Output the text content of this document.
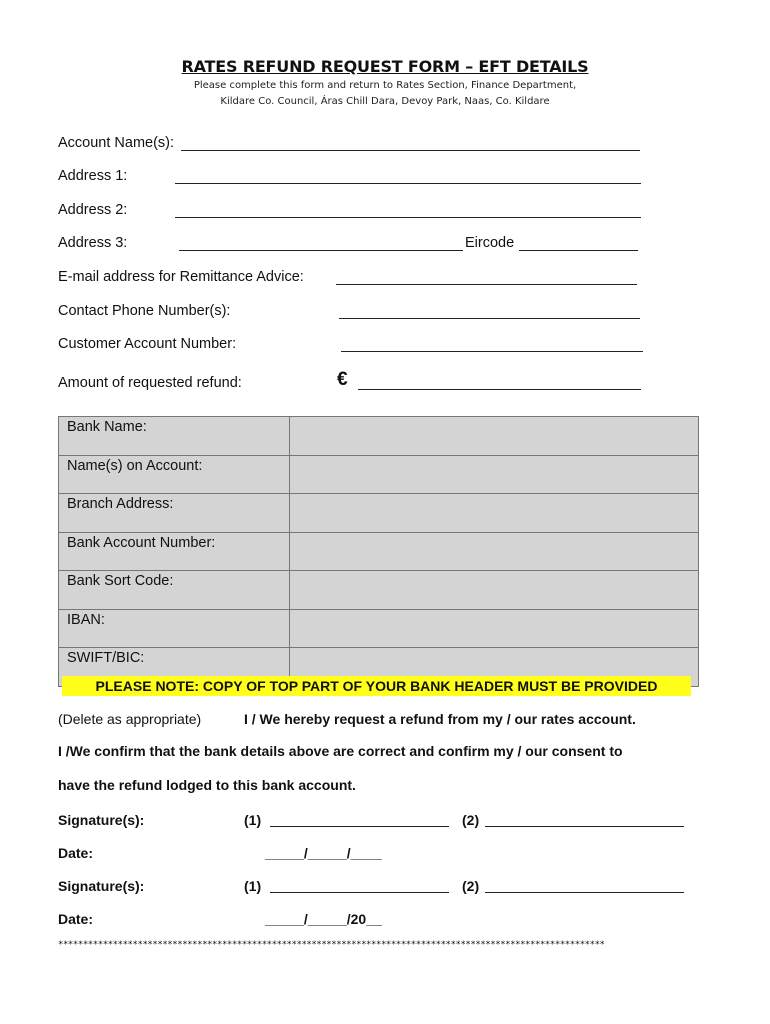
RATES REFUND REQUEST FORM – EFT DETAILS
Please complete this form and return to Rates Section, Finance Department,
Kildare Co. Council, Áras Chill Dara, Devoy Park, Naas, Co. Kildare
Account Name(s):
Address 1:
Address 2:
Address 3:	Eircode
E-mail address for Remittance Advice:
Contact Phone Number(s):
Customer Account Number:
Amount of requested refund:	€
Bank Name:	
Name(s) on Account:	
Branch Address:	
Bank Account Number:	
Bank Sort Code:	
IBAN:	
SWIFT/BIC:	
PLEASE NOTE: COPY OF TOP PART OF YOUR BANK HEADER MUST BE PROVIDED
(Delete as appropriate)	I / We hereby request a refund from my / our rates account.
I /We confirm that the bank details above are correct and confirm my / our consent to
have the refund lodged to this bank account.
Signature(s):	(1)	(2)
Date:	_____/_____/____
Signature(s):	(1)	(2)
Date:	_____/_____/20__
**************************************************************************************************************
